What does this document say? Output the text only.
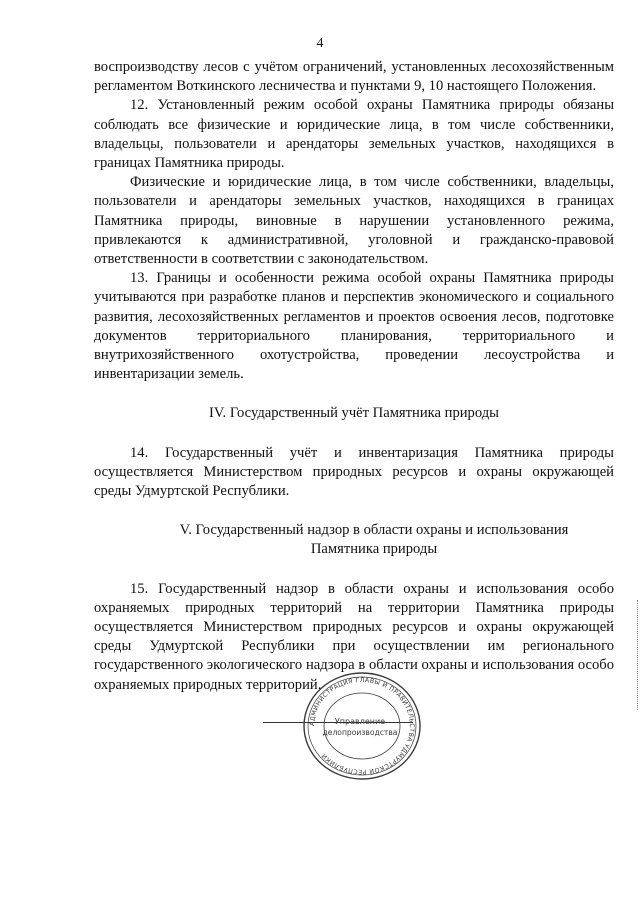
4

воспроизводству лесов с учётом ограничений, установленных лесохозяйственным регламентом Воткинского лесничества и пунктами 9, 10 настоящего Положения.

12. Установленный режим особой охраны Памятника природы обязаны соблюдать все физические и юридические лица, в том числе собственники, владельцы, пользователи и арендаторы земельных участков, находящихся в границах Памятника природы.

Физические и юридические лица, в том числе собственники, владельцы, пользователи и арендаторы земельных участков, находящихся в границах Памятника природы, виновные в нарушении установленного режима, привлекаются к административной, уголовной и гражданско-правовой ответственности в соответствии с законодательством.

13. Границы и особенности режима особой охраны Памятника природы учитываются при разработке планов и перспектив экономического и социального развития, лесохозяйственных регламентов и проектов освоения лесов, подготовке документов территориального планирования, территориального и внутрихозяйственного охотустройства, проведении лесоустройства и инвентаризации земель.

IV. Государственный учёт Памятника природы

14. Государственный учёт и инвентаризация Памятника природы осуществляется Министерством природных ресурсов и охраны окружающей среды Удмуртской Республики.

V. Государственный надзор в области охраны и использования
Памятника природы

15. Государственный надзор в области охраны и использования особо охраняемых природных территорий на территории Памятника природы осуществляется Министерством природных ресурсов и охраны окружающей среды Удмуртской Республики при осуществлении им регионального государственного экологического надзора в области охраны и использования особо охраняемых природных территорий.

АДМИНИСТРАЦИЯ ГЛАВЫ И ПРАВИТЕЛЬСТВА УДМУРТСКОЙ РЕСПУБЛИКИ
Управление
делопроизводства
